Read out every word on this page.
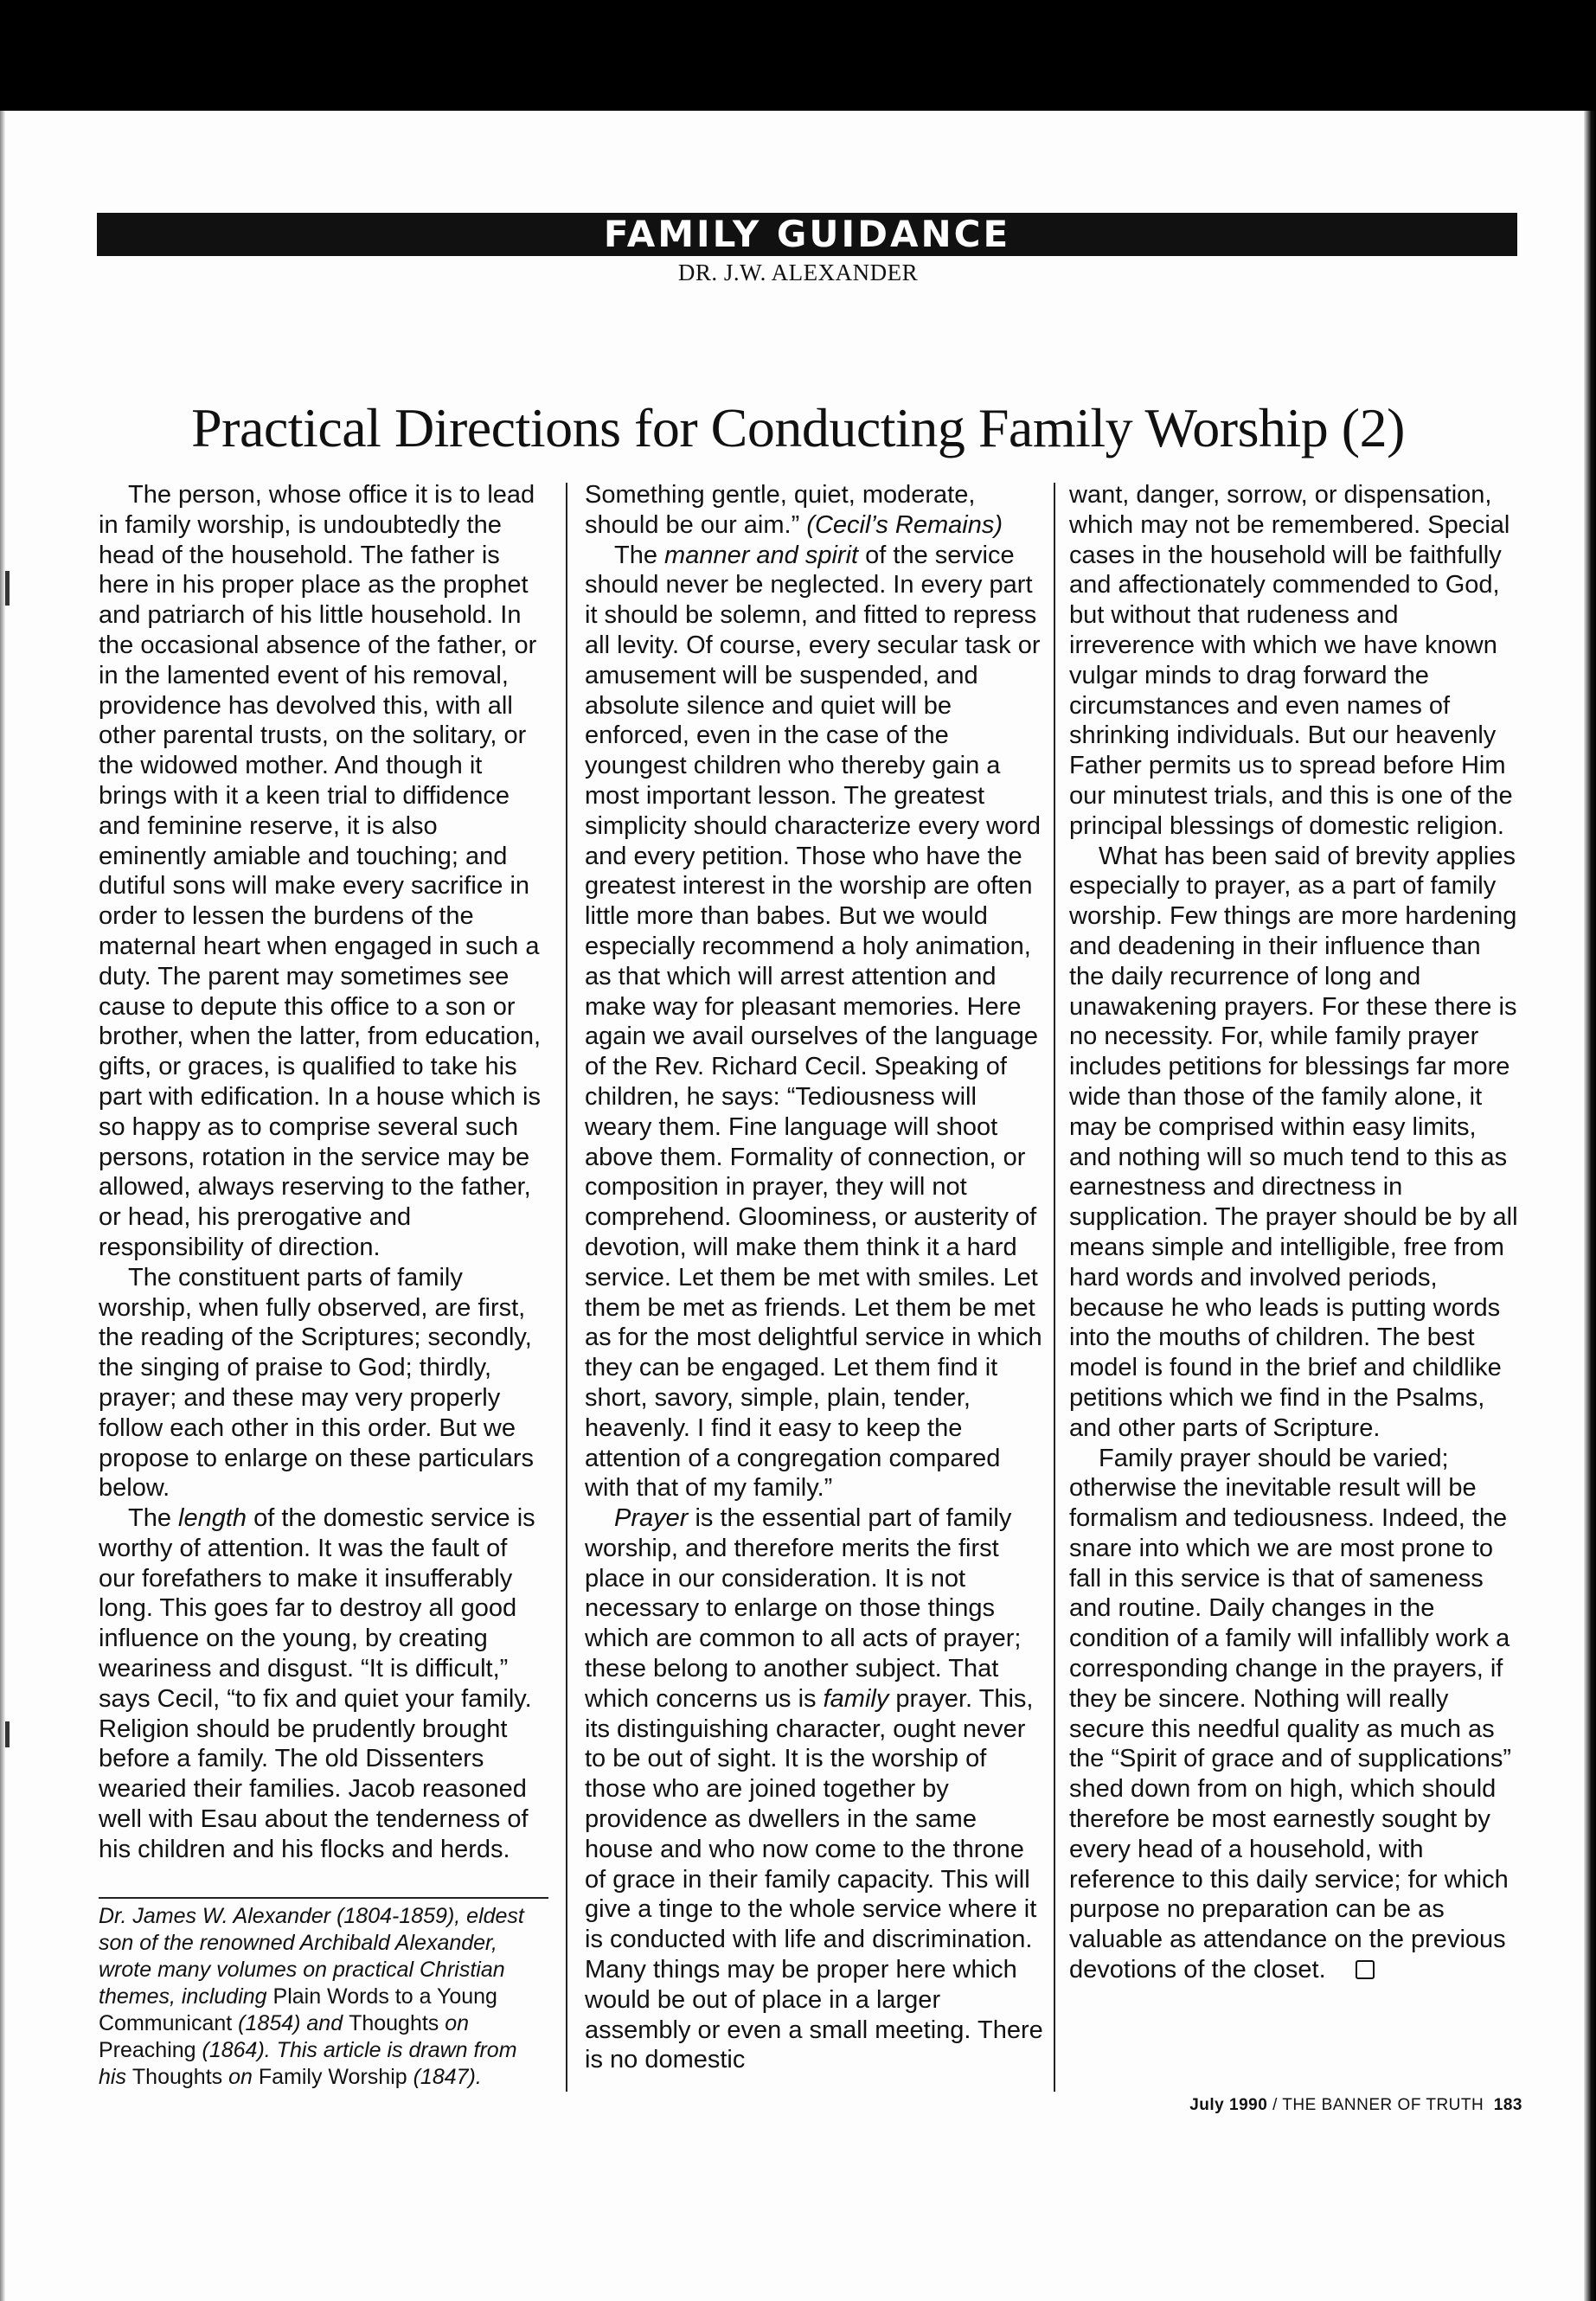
FAMILY GUIDANCE
DR. J.W. ALEXANDER
Practical Directions for Conducting Family Worship (2)

The person, whose office it is to lead in family worship, is undoubtedly the head of the household. The father is here in his proper place as the prophet and patriarch of his little household. In the occasional absence of the father, or in the lamented event of his removal, providence has devolved this, with all other parental trusts, on the solitary, or the widowed mother. And though it brings with it a keen trial to diffidence and feminine reserve, it is also eminently amiable and touching; and dutiful sons will make every sacrifice in order to lessen the burdens of the maternal heart when engaged in such a duty. The parent may sometimes see cause to depute this office to a son or brother, when the latter, from education, gifts, or graces, is qualified to take his part with edification. In a house which is so happy as to comprise several such persons, rotation in the service may be allowed, always reserving to the father, or head, his prerogative and responsibility of direction.

The constituent parts of family worship, when fully observed, are first, the reading of the Scriptures; secondly, the singing of praise to God; thirdly, prayer; and these may very properly follow each other in this order. But we propose to enlarge on these particulars below.

The length of the domestic service is worthy of attention. It was the fault of our forefathers to make it insufferably long. This goes far to destroy all good influence on the young, by creating weariness and disgust. “It is difficult,” says Cecil, “to fix and quiet your family. Religion should be prudently brought before a family. The old Dissenters wearied their families. Jacob reasoned well with Esau about the tenderness of his children and his flocks and herds.

Dr. James W. Alexander (1804-1859), eldest son of the renowned Archibald Alexander, wrote many volumes on practical Christian themes, including Plain Words to a Young Communicant (1854) and Thoughts on Preaching (1864). This article is drawn from his Thoughts on Family Worship (1847).

Something gentle, quiet, moderate, should be our aim.” (Cecil’s Remains)

The manner and spirit of the service should never be neglected. In every part it should be solemn, and fitted to repress all levity. Of course, every secular task or amusement will be suspended, and absolute silence and quiet will be enforced, even in the case of the youngest children who thereby gain a most important lesson. The greatest simplicity should characterize every word and every petition. Those who have the greatest interest in the worship are often little more than babes. But we would especially recommend a holy animation, as that which will arrest attention and make way for pleasant memories. Here again we avail ourselves of the language of the Rev. Richard Cecil. Speaking of children, he says: “Tediousness will weary them. Fine language will shoot above them. Formality of connection, or composition in prayer, they will not comprehend. Gloominess, or austerity of devotion, will make them think it a hard service. Let them be met with smiles. Let them be met as friends. Let them be met as for the most delightful service in which they can be engaged. Let them find it short, savory, simple, plain, tender, heavenly. I find it easy to keep the attention of a congregation compared with that of my family.”

Prayer is the essential part of family worship, and therefore merits the first place in our consideration. It is not necessary to enlarge on those things which are common to all acts of prayer; these belong to another subject. That which concerns us is family prayer. This, its distinguishing character, ought never to be out of sight. It is the worship of those who are joined together by providence as dwellers in the same house and who now come to the throne of grace in their family capacity. This will give a tinge to the whole service where it is conducted with life and discrimination. Many things may be proper here which would be out of place in a larger assembly or even a small meeting. There is no domestic

want, danger, sorrow, or dispensation, which may not be remembered. Special cases in the household will be faithfully and affectionately commended to God, but without that rudeness and irreverence with which we have known vulgar minds to drag forward the circumstances and even names of shrinking individuals. But our heavenly Father permits us to spread before Him our minutest trials, and this is one of the principal blessings of domestic religion.

What has been said of brevity applies especially to prayer, as a part of family worship. Few things are more hardening and deadening in their influence than the daily recurrence of long and unawakening prayers. For these there is no necessity. For, while family prayer includes petitions for blessings far more wide than those of the family alone, it may be comprised within easy limits, and nothing will so much tend to this as earnestness and directness in supplication. The prayer should be by all means simple and intelligible, free from hard words and involved periods, because he who leads is putting words into the mouths of children. The best model is found in the brief and childlike petitions which we find in the Psalms, and other parts of Scripture.

Family prayer should be varied; otherwise the inevitable result will be formalism and tediousness. Indeed, the snare into which we are most prone to fall in this service is that of sameness and routine. Daily changes in the condition of a family will infallibly work a corresponding change in the prayers, if they be sincere. Nothing will really secure this needful quality as much as the “Spirit of grace and of supplications” shed down from on high, which should therefore be most earnestly sought by every head of a household, with reference to this daily service; for which purpose no preparation can be as valuable as attendance on the previous devotions of the closet.

July 1990 / THE BANNER OF TRUTH 183
